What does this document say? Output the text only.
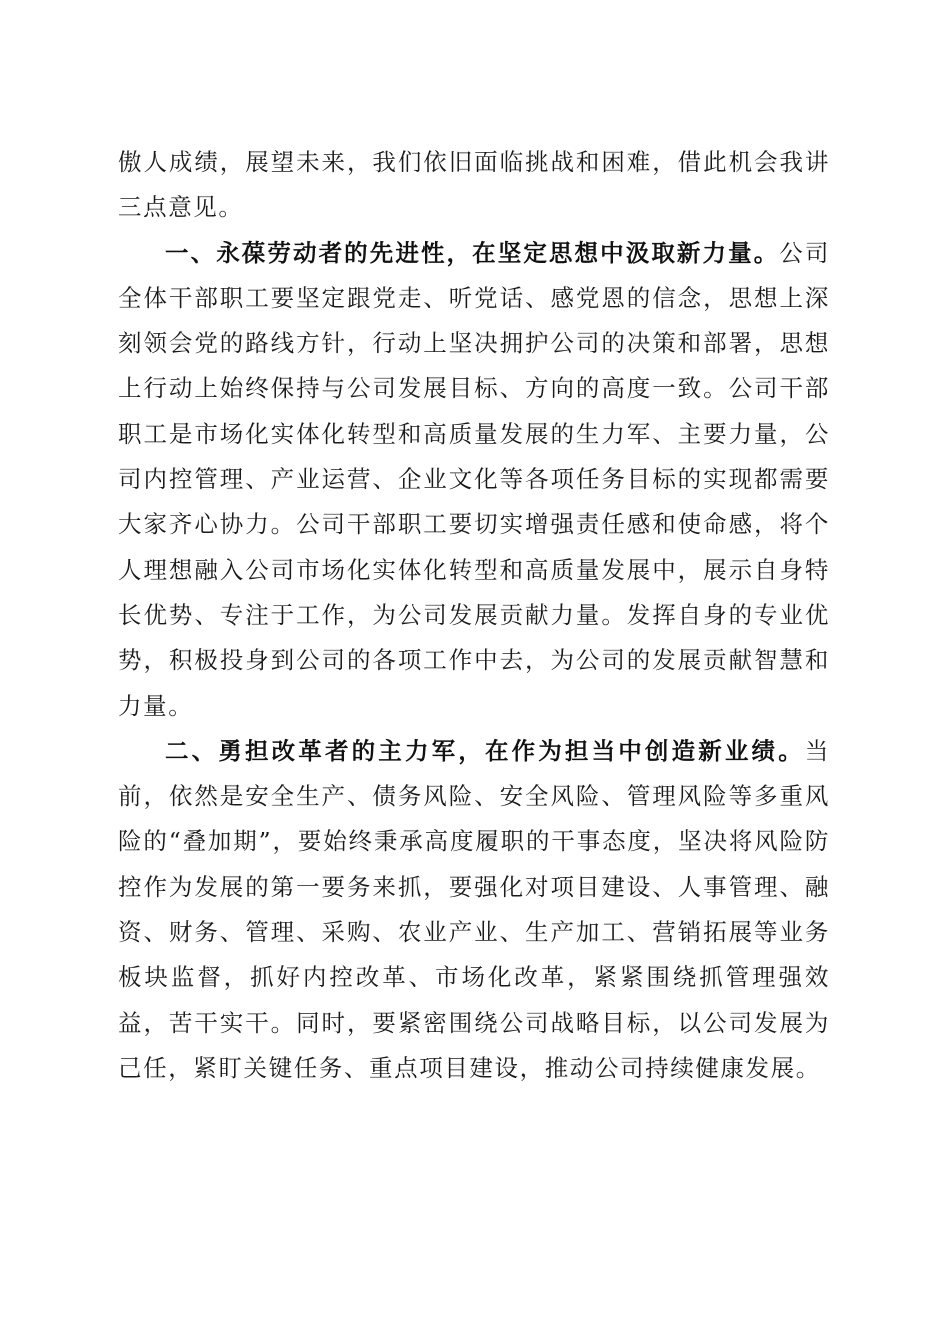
傲人成绩，展望未来，我们依旧面临挑战和困难，借此机会我讲三点意见。

一、永葆劳动者的先进性，在坚定思想中汲取新力量。公司全体干部职工要坚定跟党走、听党话、感党恩的信念，思想上深刻领会党的路线方针，行动上坚决拥护公司的决策和部署，思想上行动上始终保持与公司发展目标、方向的高度一致。公司干部职工是市场化实体化转型和高质量发展的生力军、主要力量，公司内控管理、产业运营、企业文化等各项任务目标的实现都需要大家齐心协力。公司干部职工要切实增强责任感和使命感，将个人理想融入公司市场化实体化转型和高质量发展中，展示自身特长优势、专注于工作，为公司发展贡献力量。发挥自身的专业优势，积极投身到公司的各项工作中去，为公司的发展贡献智慧和力量。

二、勇担改革者的主力军，在作为担当中创造新业绩。当前，依然是安全生产、债务风险、安全风险、管理风险等多重风险的“叠加期”，要始终秉承高度履职的干事态度，坚决将风险防控作为发展的第一要务来抓，要强化对项目建设、人事管理、融资、财务、管理、采购、农业产业、生产加工、营销拓展等业务板块监督，抓好内控改革、市场化改革，紧紧围绕抓管理强效益，苦干实干。同时，要紧密围绕公司战略目标，以公司发展为己任，紧盯关键任务、重点项目建设，推动公司持续健康发展。
